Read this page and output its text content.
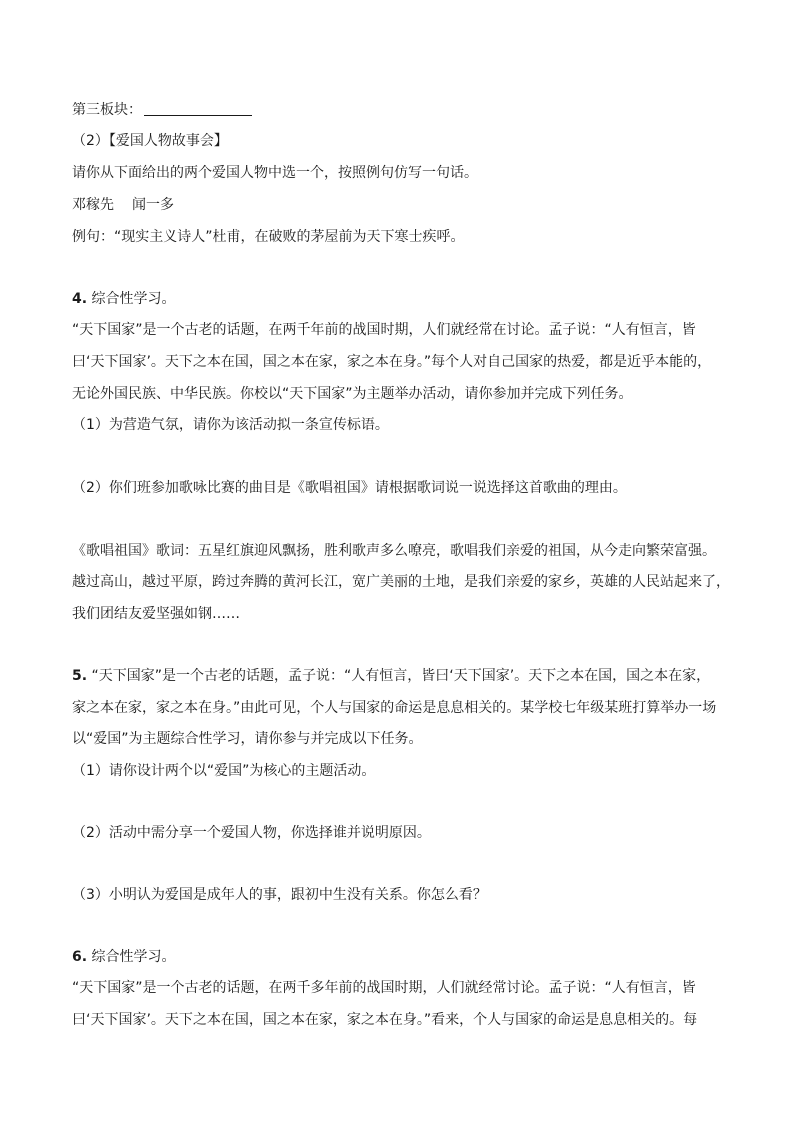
第三板块：
（2）【爱国人物故事会】
请你从下面给出的两个爱国人物中选一个，按照例句仿写一句话。
邓稼先 闻一多
例句：“现实主义诗人”杜甫，在破败的茅屋前为天下寒士疾呼。
4. 综合性学习。
“天下国家”是一个古老的话题，在两千年前的战国时期，人们就经常在讨论。孟子说：“人有恒言，皆
曰‘天下国家’。天下之本在国，国之本在家，家之本在身。”每个人对自己国家的热爱，都是近乎本能的，
无论外国民族、中华民族。你校以“天下国家”为主题举办活动，请你参加并完成下列任务。
（1）为营造气氛，请你为该活动拟一条宣传标语。
（2）你们班参加歌咏比赛的曲目是《歌唱祖国》请根据歌词说一说选择这首歌曲的理由。
《歌唱祖国》歌词：五星红旗迎风飘扬，胜利歌声多么嘹亮，歌唱我们亲爱的祖国，从今走向繁荣富强。
越过高山，越过平原，跨过奔腾的黄河长江，宽广美丽的土地，是我们亲爱的家乡，英雄的人民站起来了，
我们团结友爱坚强如钢……
5. “天下国家”是一个古老的话题，孟子说：“人有恒言，皆曰‘天下国家’。天下之本在国，国之本在家，
家之本在家，家之本在身。”由此可见，个人与国家的命运是息息相关的。某学校七年级某班打算举办一场
以“爱国”为主题综合性学习，请你参与并完成以下任务。
（1）请你设计两个以“爱国”为核心的主题活动。
（2）活动中需分享一个爱国人物，你选择谁并说明原因。
（3）小明认为爱国是成年人的事，跟初中生没有关系。你怎么看？
6. 综合性学习。
“天下国家”是一个古老的话题，在两千多年前的战国时期，人们就经常讨论。孟子说：“人有恒言，皆
曰‘天下国家’。天下之本在国，国之本在家，家之本在身。”看来，个人与国家的命运是息息相关的。每
